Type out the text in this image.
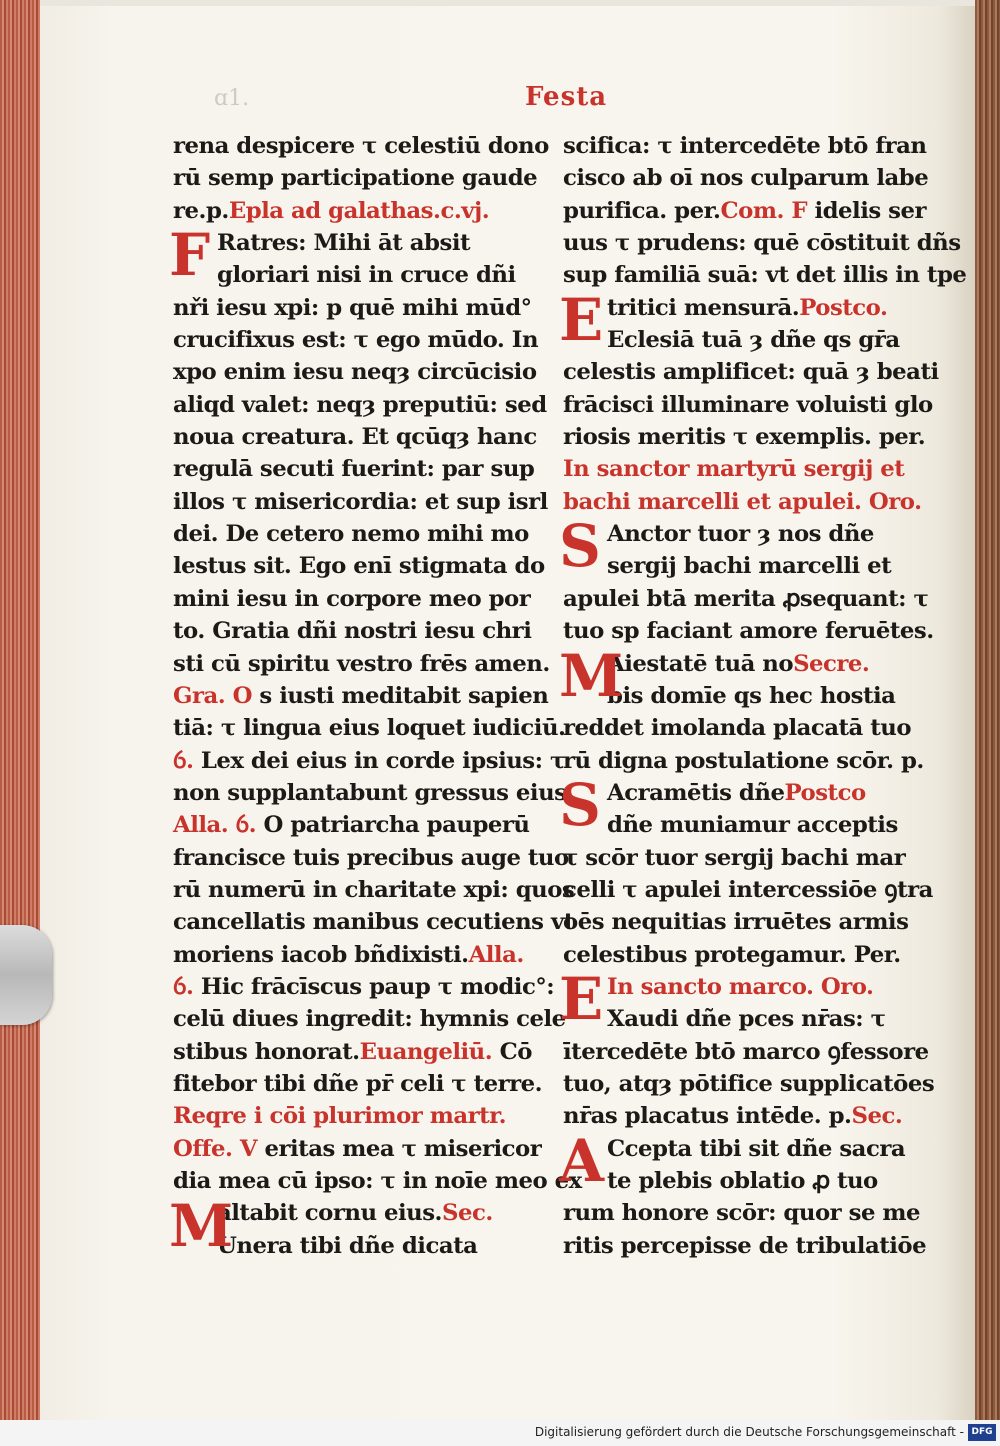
ɑ1.	Festa
rena despicere τ celestiū dono
rū semp participatione gaude
re.p.Epla ad galathas.c.vj.
Ratres: Mihi āt absit
gloriari nisi in cruce dñi
nři iesu xpi: p quē mihi mūd°
crucifixus est: τ ego mūdo. In
xpo enim iesu neqȝ circūcisio
aliqd valet: neqȝ preputiū: sed
noua creatura. Et qcūqȝ hanc
regulā secuti fuerint: par sup
illos τ misericordia: et sup isrl
dei. De cetero nemo mihi mo
lestus sit. Ego enī stigmata do
mini iesu in corpore meo por
to. Gratia dñi nostri iesu chri
sti cū spiritu vestro frēs amen.
Gra. O s iusti meditabit sapien
tiā: τ lingua eius loquet iudiciū.
ỽ. Lex dei eius in corde ipsius: τ
non supplantabunt gressus eius.
Alla. ỽ. O patriarcha pauperū
francisce tuis precibus auge tuo
rū numerū in charitate xpi: quos
cancellatis manibus cecutiens vt
moriens iacob bñdixisti.Alla.
ỽ. Hic frācīscus paup τ modic°:
celū diues ingredit: hymnis cele
stibus honorat.Euangeliū. Cō
fitebor tibi dñe pr̄ celi τ terre.
Reqre i cōi plurimor martr.
Offe. V eritas mea τ misericor
dia mea cū ipso: τ in noīe meo ex
altabit cornu eius.Sec.
Unera tibi dñe dicata
F
M
scifica: τ intercedēte btō fran
cisco ab oī nos culparum labe
purifica. per.Com. F idelis ser
uus τ prudens: quē cōstituit dñs
sup familiā suā: vt det illis in tpe
tritici mensurā.Postco.
Eclesiā tuā ȝ dñe qs gr̄a
celestis amplificet: quā ȝ beati
frācisci illuminare voluisti glo
riosis meritis τ exemplis. per.
In sanctor martyrū sergij et
bachi marcelli et apulei. Oro.
Anctor tuor ȝ nos dñe
sergij bachi marcelli et
apulei btā merita ꝓsequant: τ
tuo sp faciant amore feruētes.
Aiestatē tuā noSecre.
bis domīe qs hec hostia
reddet imolanda placatā tuo
rū digna postulatione scōr. p.
Acramētis dñePostco
dñe muniamur acceptis
τ scōr tuor sergij bachi mar
celli τ apulei intercessiōe ꝯtra
oēs nequitias irruētes armis
celestibus protegamur. Per.
In sancto marco. Oro.
Xaudi dñe pces nr̄as: τ
ītercedēte btō marco ꝯfessore
tuo, atqȝ pōtifice supplicatōes
nr̄as placatus intēde. p.Sec.
Ccepta tibi sit dñe sacra
te plebis oblatio ꝓ tuo
rum honore scōr: quor se me
ritis percepisse de tribulatiōe
E
S
M
S
E
A
Digitalisierung gefördert durch die Deutsche Forschungsgemeinschaft - DFG
